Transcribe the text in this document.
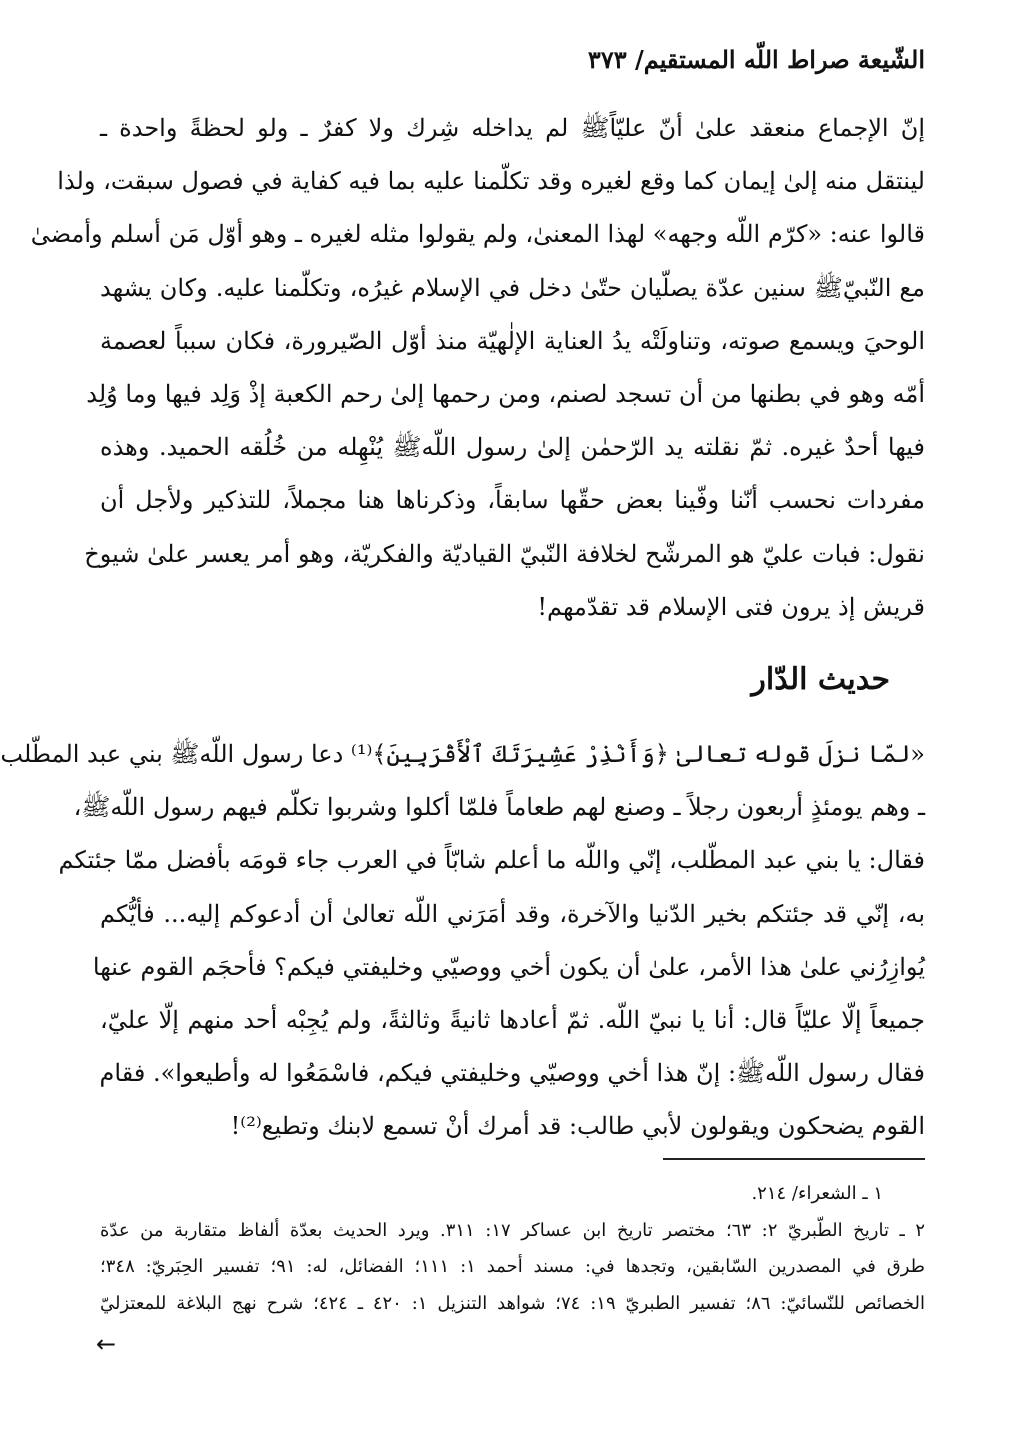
الشّيعة صراط اللّه المستقيم/ ٣٧٣
إنّ الإجماع منعقد علىٰ أنّ عليّاًﷺ لم يداخله شِرك ولا كفرٌ ـ ولو لحظةً واحدة ـ
لينتقل منه إلىٰ إيمان كما وقع لغيره وقد تكلّمنا عليه بما فيه كفاية في فصول سبقت، ولذا
قالوا عنه: «كرّم اللّه وجهه» لهذا المعنىٰ، ولم يقولوا مثله لغيره ـ وهو أوّل مَن أسلم وأمضىٰ
مع النّبيّﷺ سنين عدّة يصلّيان حتّىٰ دخل في الإسلام غيرُه، وتكلّمنا عليه. وكان يشهد
الوحيَ ويسمع صوته، وتناولَتْه يدُ العناية الإلٰهيّة منذ أوّل الصّيرورة، فكان سبباً لعصمة
أمّه وهو في بطنها من أن تسجد لصنم، ومن رحمها إلىٰ رحم الكعبة إذْ وَلِد فيها وما وُلِد
فيها أحدٌ غيره. ثمّ نقلته يد الرّحمٰن إلىٰ رسول اللّهﷺ يُنْهِله من خُلُقه الحميد. وهذه
مفردات نحسب أنّنا وفّينا بعض حقّها سابقاً، وذكرناها هنا مجملاً، للتذكير ولأجل أن
نقول: فبات عليّ هو المرشّح لخلافة النّبيّ القياديّة والفكريّة، وهو أمر يعسر علىٰ شيوخ
قريش إذ يرون فتى الإسلام قد تقدّمهم!
حديث الدّار
«لمّا نزلَ قوله تعالىٰ ﴿وَأَنْذِرْ عَشِيرَتَكَ ٱلْأَقْرَبِينَ﴾⁽¹⁾ دعا رسول اللّهﷺ بني عبد المطّلب
ـ وهم يومئذٍ أربعون رجلاً ـ وصنع لهم طعاماً فلمّا أكلوا وشربوا تكلّم فيهم رسول اللّهﷺ،
فقال: يا بني عبد المطّلب، إنّي واللّه ما أعلم شابّاً في العرب جاء قومَه بأفضل ممّا جئتكم
به، إنّي قد جئتكم بخير الدّنيا والآخرة، وقد أمَرَني اللّه تعالىٰ أن أدعوكم إليه... فأيُّكم
يُوازِرُني علىٰ هذا الأمر، علىٰ أن يكون أخي ووصيّي وخليفتي فيكم؟ فأحجَم القوم عنها
جميعاً إلّا عليّاً قال: أنا يا نبيّ اللّه. ثمّ أعادها ثانيةً وثالثةً، ولم يُجِبْه أحد منهم إلّا عليّ،
فقال رسول اللّهﷺ: إنّ هذا أخي ووصيّي وخليفتي فيكم، فاسْمَعُوا له وأطيعوا». فقام
القوم يضحكون ويقولون لأبي طالب: قد أمرك أنْ تسمع لابنك وتطيع⁽²⁾!
١ ـ الشعراء/ ٢١٤.
٢ ـ تاريخ الطّبريّ ٢: ٦٣؛ مختصر تاريخ ابن عساكر ١٧: ٣١١. ويرد الحديث بعدّة ألفاظ متقاربة من عدّة
طرق في المصدرين السّابقين، وتجدها في: مسند أحمد ١: ١١١؛ الفضائل، له: ٩١؛ تفسير الحِبَريّ: ٣٤٨؛
الخصائص للنّسائيّ: ٨٦؛ تفسير الطبريّ ١٩: ٧٤؛ شواهد التنزيل ١: ٤٢٠ ـ ٤٢٤؛ شرح نهج البلاغة للمعتزليّ
←
